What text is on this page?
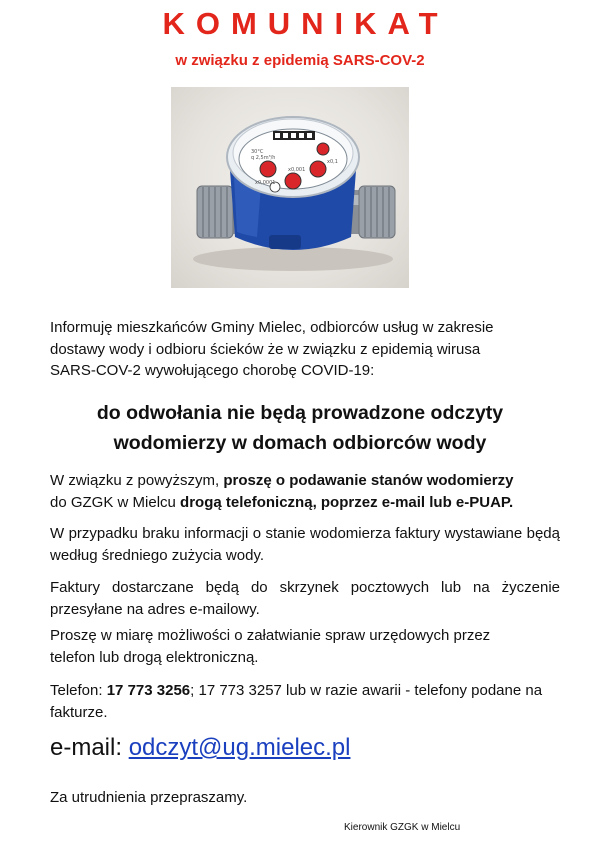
KOMUNIKAT
w związku z epidemią SARS-COV-2
30°C
q 2,5m³/h
x0,0001
x0,001
x0,1
Informuję mieszkańców Gminy Mielec, odbiorców usług w zakresie
dostawy wody i odbioru ścieków że w związku z epidemią wirusa
SARS-COV-2 wywołującego chorobę COVID-19:
do odwołania nie będą prowadzone odczyty
wodomierzy w domach odbiorców wody
W związku z powyższym, proszę o podawanie stanów wodomierzy
do GZGK w Mielcu drogą telefoniczną, poprzez e-mail lub e-PUAP.
W przypadku braku informacji o stanie wodomierza faktury wystawiane będą według średniego zużycia wody.
Faktury dostarczane będą do skrzynek pocztowych lub na życzenie przesyłane na adres e-mailowy.
Proszę w miarę możliwości o załatwianie spraw urzędowych przez
telefon lub drogą elektroniczną.
Telefon: 17 773 3256; 17 773 3257 lub w razie awarii - telefony podane na fakturze.
e-mail: odczyt@ug.mielec.pl
Za utrudnienia przepraszamy.
Kierownik GZGK w Mielcu
